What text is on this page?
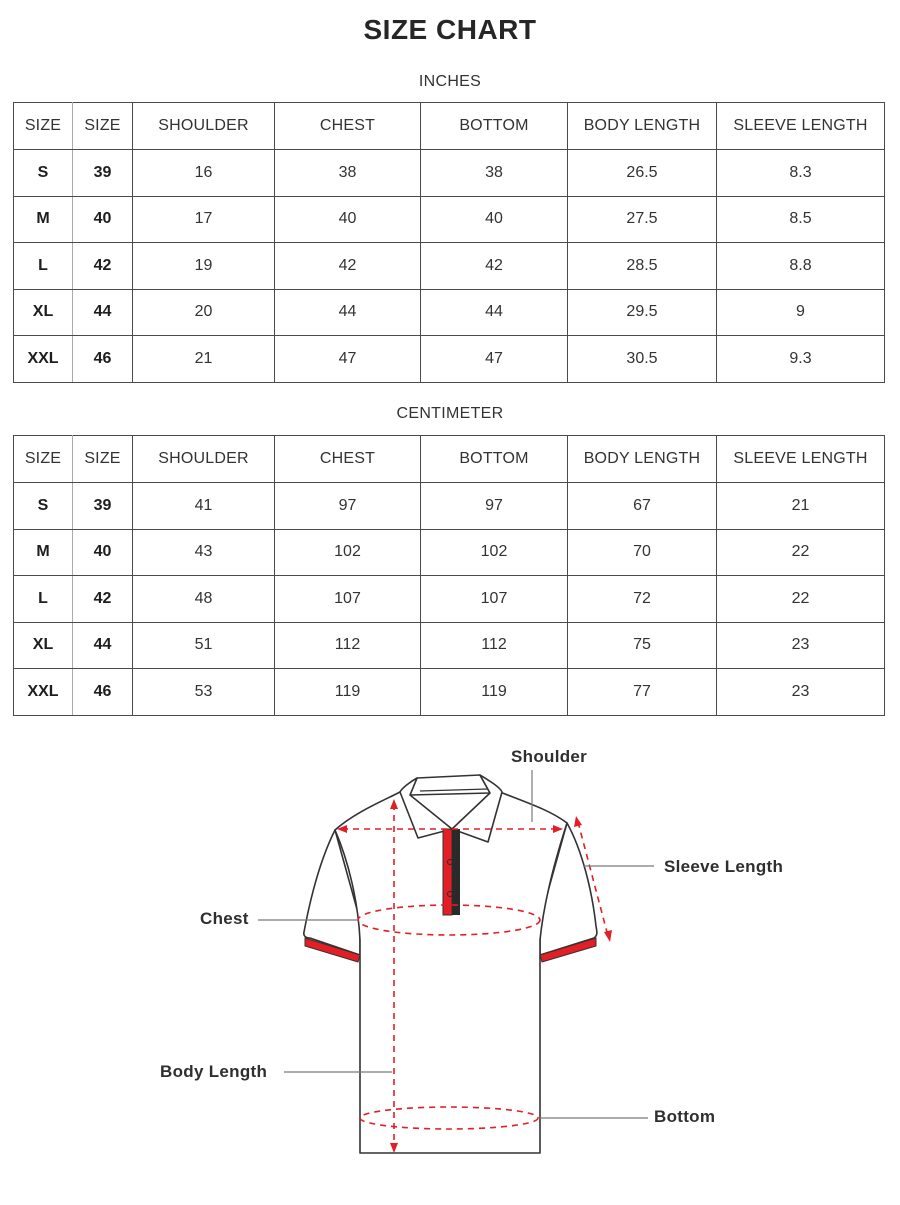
SIZE CHART
INCHES
SIZE	SIZE	SHOULDER	CHEST	BOTTOM	BODY LENGTH	SLEEVE LENGTH
S	39	16	38	38	26.5	8.3
M	40	17	40	40	27.5	8.5
L	42	19	42	42	28.5	8.8
XL	44	20	44	44	29.5	9
XXL	46	21	47	47	30.5	9.3
CENTIMETER
SIZE	SIZE	SHOULDER	CHEST	BOTTOM	BODY LENGTH	SLEEVE LENGTH
S	39	41	97	97	67	21
M	40	43	102	102	70	22
L	42	48	107	107	72	22
XL	44	51	112	112	75	23
XXL	46	53	119	119	77	23
Shoulder
Sleeve Length
Chest
Body Length
Bottom
